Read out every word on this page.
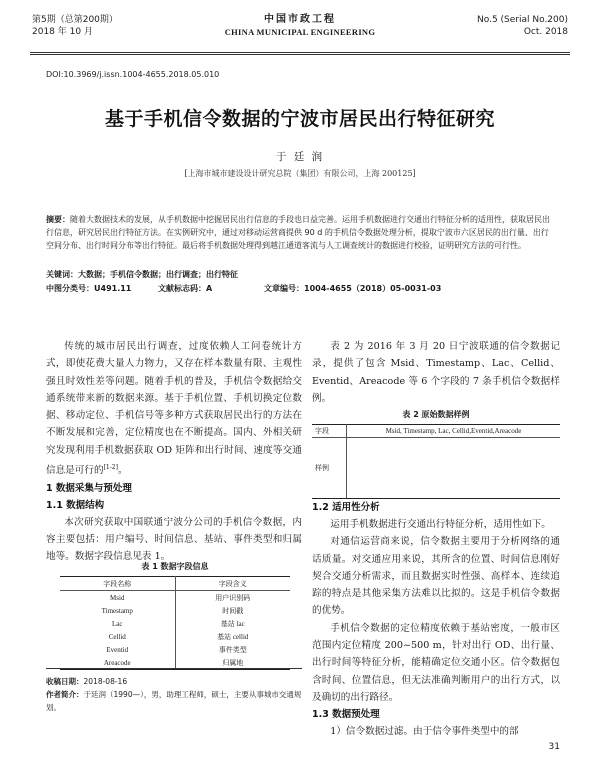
第5期（总第200期）
2018 年 10 月
中国市政工程
CHINA MUNICIPAL ENGINEERING
No.5 (Serial No.200)
Oct. 2018
DOI:10.3969/j.issn.1004-4655.2018.05.010
基于手机信令数据的宁波市居民出行特征研究
于 廷 润
[上海市城市建设设计研究总院（集团）有限公司，上海 200125]
摘要：随着大数据技术的发展，从手机数据中挖掘居民出行信息的手段也日益完善。运用手机数据进行交通出行特征分析的适用性，获取居民出行信息，研究居民出行特征方法。在实例研究中，通过对移动运营商提供 90 d 的手机信令数据处理分析，提取宁波市六区居民的出行量、出行空间分布、出行时间分布等出行特征。最后将手机数据处理得到越江通道客流与人工调查统计的数据进行校验，证明研究方法的可行性。
关键词：大数据；手机信令数据；出行调查；出行特征
中图分类号：U491.11	文献标志码：A	文章编号：1004-4655（2018）05-0031-03

传统的城市居民出行调查，过度依赖人工问卷统计方式，即使花费大量人力物力，又存在样本数量有限、主观性强且时效性差等问题。随着手机的普及，手机信令数据给交通系统带来新的数据来源。基于手机位置、手机切换定位数据、移动定位、手机信号等多种方式获取居民出行的方法在不断发展和完善，定位精度也在不断提高。国内、外相关研究发现利用手机数据获取 OD 矩阵和出行时间、速度等交通信息是可行的[1-2]。

1 数据采集与预处理
1.1 数据结构

本次研究获取中国联通宁波分公司的手机信令数据，内容主要包括：用户编号、时间信息、基站、事件类型和归属地等。数据字段信息见表 1。

表 1 数据字段信息
字段名称	字段含义
Msid	用户识别码
Timestamp	时间戳
Lac	基站 lac
Cellid	基站 cellid
Eventid	事件类型
Areacode	归属地
收稿日期：2018-08-16
作者简介：于廷润（1990—），男，助理工程师，硕士，主要从事城市交通规划。

表 2 为 2016 年 3 月 20 日宁波联通的信令数据记录，提供了包含 Msid、Timestamp、Lac、Cellid、Eventid、Areacode 等 6 个字段的 7 条手机信令数据样例。

表 2 原始数据样例
字段	Msid, Timestamp, Lac, Cellid,Eventid,Areacode
样例	
1.2 适用性分析

运用手机数据进行交通出行特征分析，适用性如下。

对通信运营商来说，信令数据主要用于分析网络的通话质量。对交通应用来说，其所含的位置、时间信息刚好契合交通分析需求，而且数据实时性强、高样本、连续追踪的特点是其他采集方法难以比拟的。这是手机信令数据的优势。

手机信令数据的定位精度依赖于基站密度，一般市区范围内定位精度 200~500 m，针对出行 OD、出行量、出行时间等特征分析，能精确定位交通小区。信令数据包含时间、位置信息，但无法准确判断用户的出行方式，以及确切的出行路径。

1.3 数据预处理

1）信令数据过滤。由于信令事件类型中的部

31
